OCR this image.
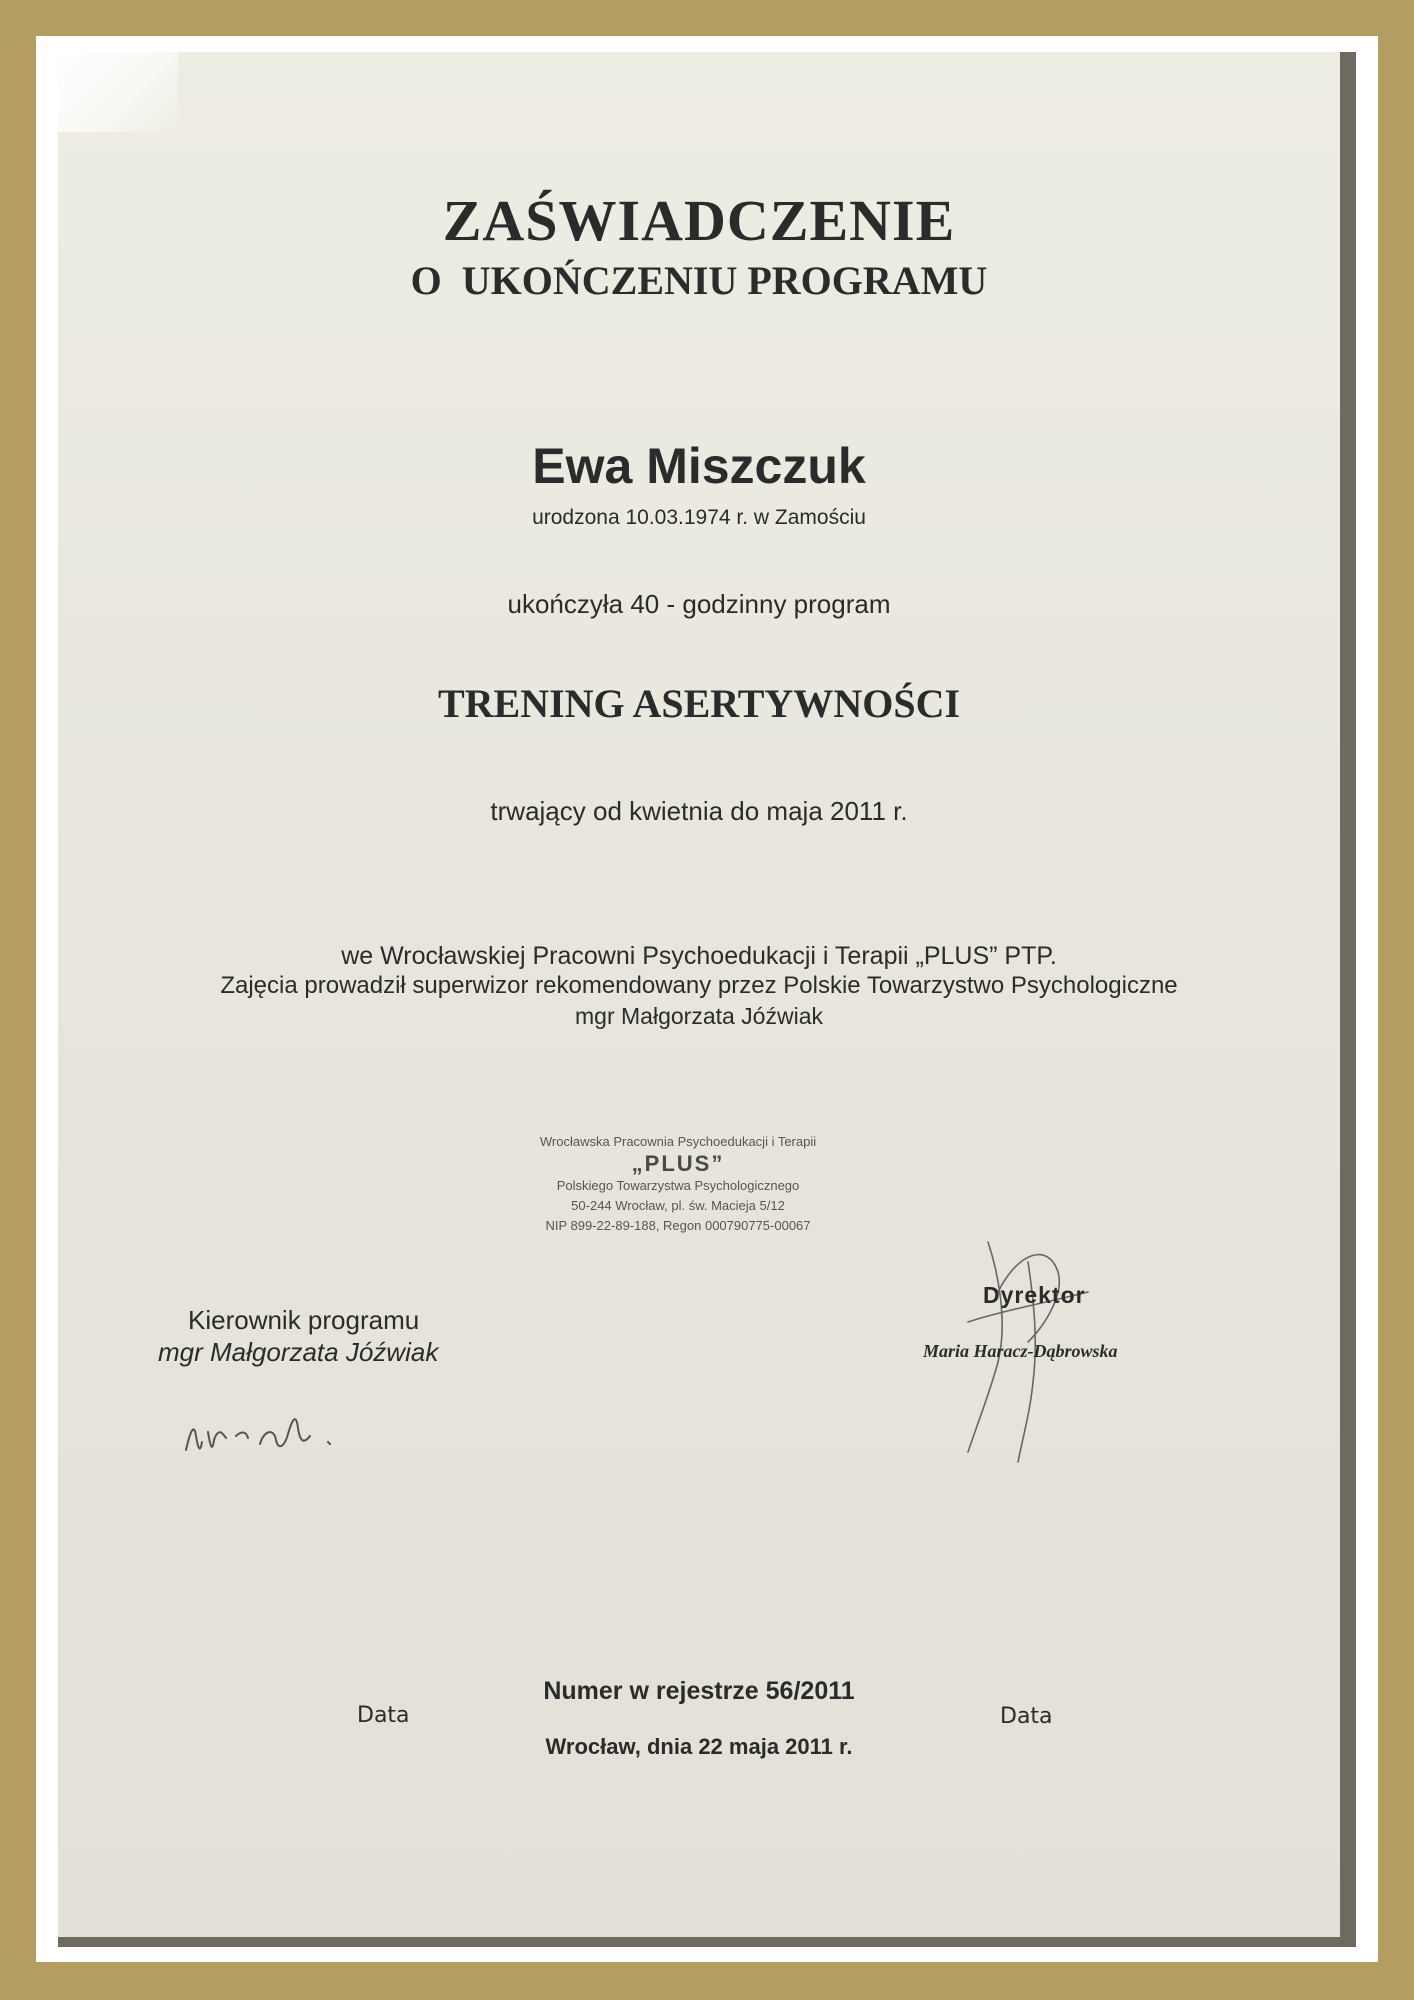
ZAŚWIADCZENIE
O  UKOŃCZENIU PROGRAMU
Ewa Miszczuk
urodzona 10.03.1974 r. w Zamościu
ukończyła 40 - godzinny program
TRENING ASERTYWNOŚCI
trwający od kwietnia do maja 2011 r.
we Wrocławskiej Pracowni Psychoedukacji i Terapii „PLUS” PTP.
Zajęcia prowadził superwizor rekomendowany przez Polskie Towarzystwo Psychologiczne
mgr Małgorzata Jóźwiak
Wrocławska Pracownia Psychoedukacji i Terapii
„PLUS”
Polskiego Towarzystwa Psychologicznego
50-244 Wrocław, pl. św. Macieja 5/12
NIP 899-22-89-188, Regon 000790775-00067
Kierownik programu
mgr Małgorzata Jóźwiak
Dyrektor
Maria Haracz-Dąbrowska
Numer w rejestrze 56/2011
Wrocław, dnia 22 maja 2011 r.
Data	Data
